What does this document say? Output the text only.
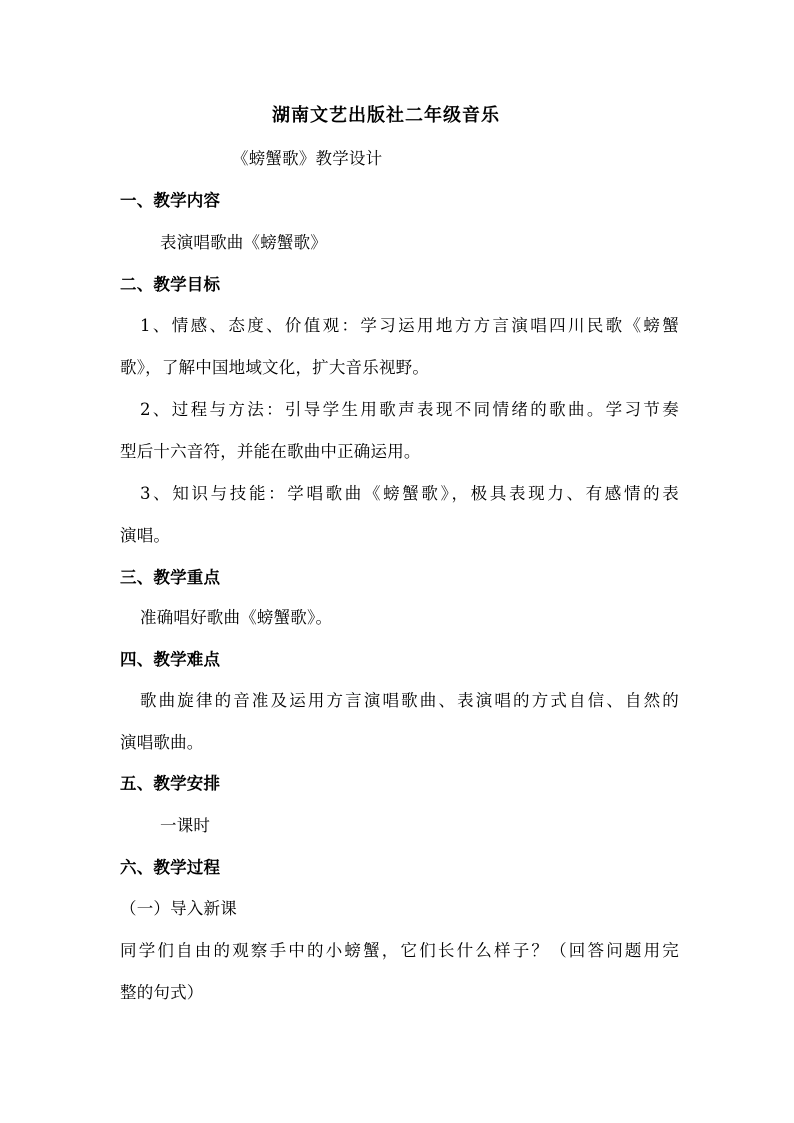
湖南文艺出版社二年级音乐
《螃蟹歌》教学设计
一、教学内容
表演唱歌曲《螃蟹歌》
二、教学目标
1、情感、态度、价值观：学习运用地方方言演唱四川民歌《螃蟹
歌》，了解中国地域文化，扩大音乐视野。
2、过程与方法：引导学生用歌声表现不同情绪的歌曲。学习节奏
型后十六音符，并能在歌曲中正确运用。
3、知识与技能：学唱歌曲《螃蟹歌》，极具表现力、有感情的表
演唱。
三、教学重点
准确唱好歌曲《螃蟹歌》。
四、教学难点
歌曲旋律的音准及运用方言演唱歌曲、表演唱的方式自信、自然的
演唱歌曲。
五、教学安排
一课时
六、教学过程
（一）导入新课
同学们自由的观察手中的小螃蟹，它们长什么样子？（回答问题用完
整的句式）
